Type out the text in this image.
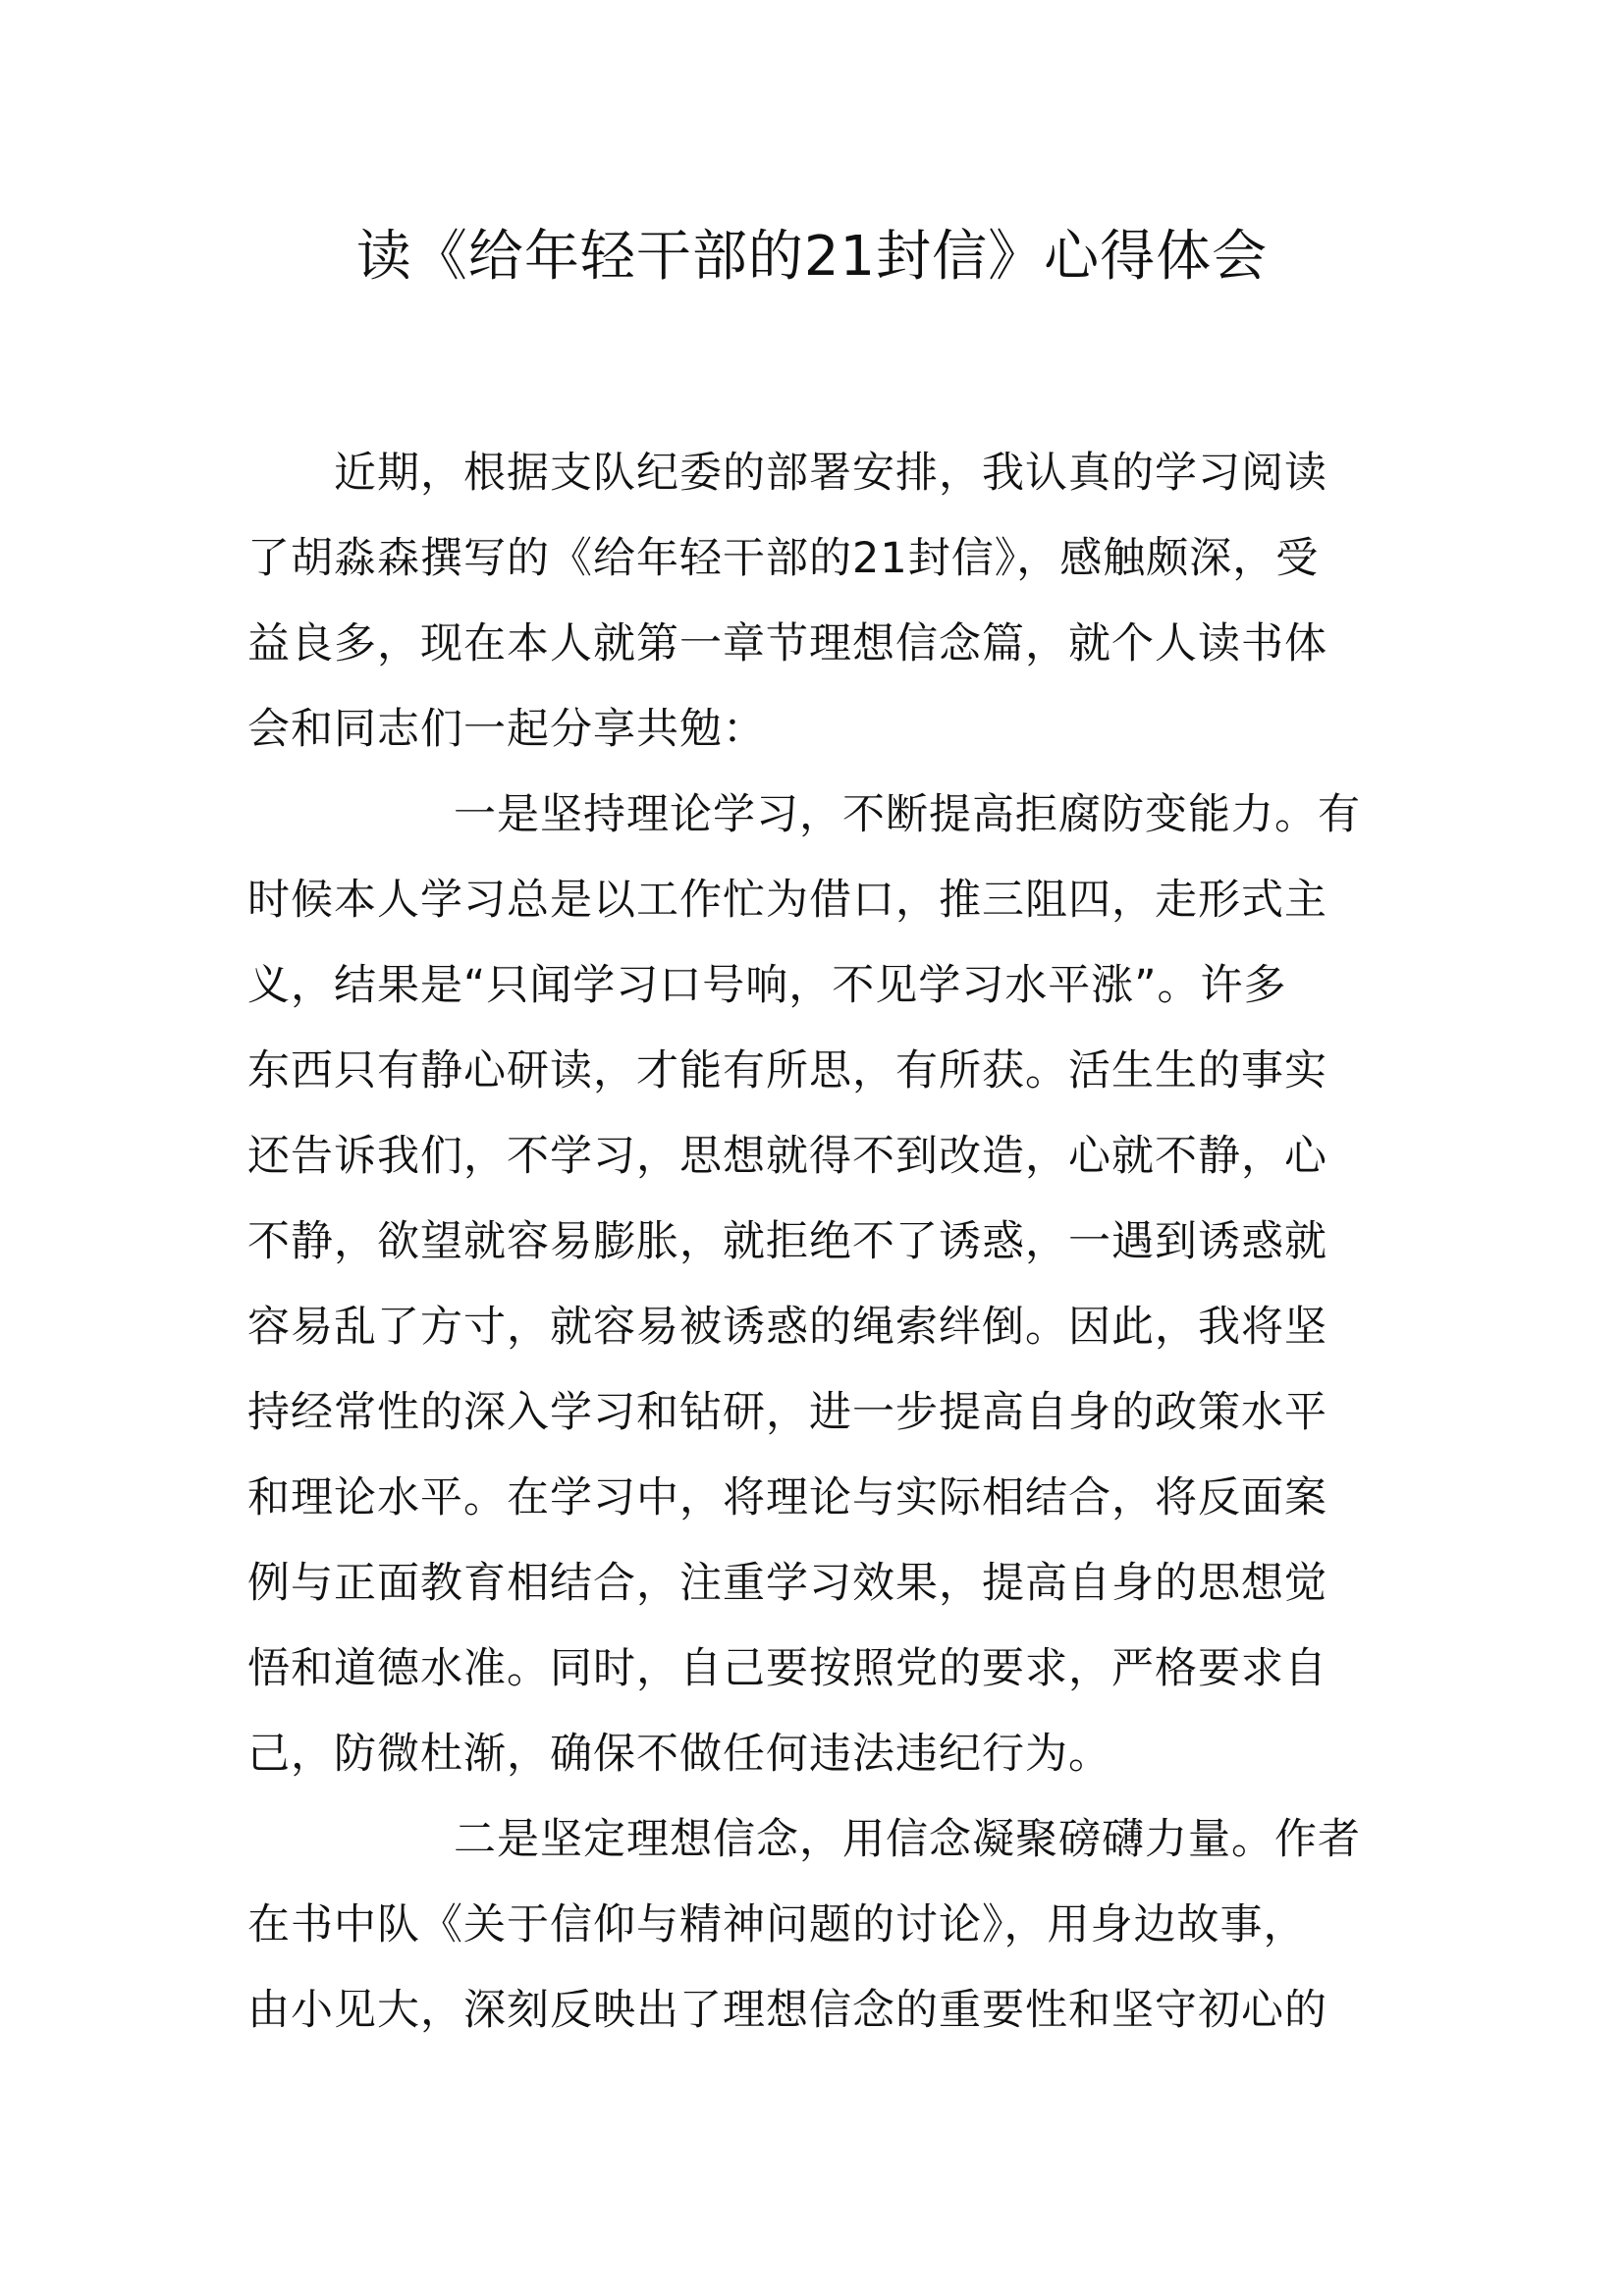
读《给年轻干部的21封信》心得体会
近期，根据支队纪委的部署安排，我认真的学习阅读
了胡淼森撰写的《给年轻干部的21封信》，感触颇深，受
益良多，现在本人就第一章节理想信念篇，就个人读书体
会和同志们一起分享共勉：
一是坚持理论学习，不断提高拒腐防变能力。有
时候本人学习总是以工作忙为借口，推三阻四，走形式主
义，结果是“只闻学习口号响，不见学习水平涨”。许多
东西只有静心研读，才能有所思，有所获。活生生的事实
还告诉我们，不学习，思想就得不到改造，心就不静，心
不静，欲望就容易膨胀，就拒绝不了诱惑，一遇到诱惑就
容易乱了方寸，就容易被诱惑的绳索绊倒。因此，我将坚
持经常性的深入学习和钻研，进一步提高自身的政策水平
和理论水平。在学习中，将理论与实际相结合，将反面案
例与正面教育相结合，注重学习效果，提高自身的思想觉
悟和道德水准。同时，自己要按照党的要求，严格要求自
己，防微杜渐，确保不做任何违法违纪行为。
二是坚定理想信念，用信念凝聚磅礴力量。作者
在书中队《关于信仰与精神问题的讨论》，用身边故事，
由小见大，深刻反映出了理想信念的重要性和坚守初心的
